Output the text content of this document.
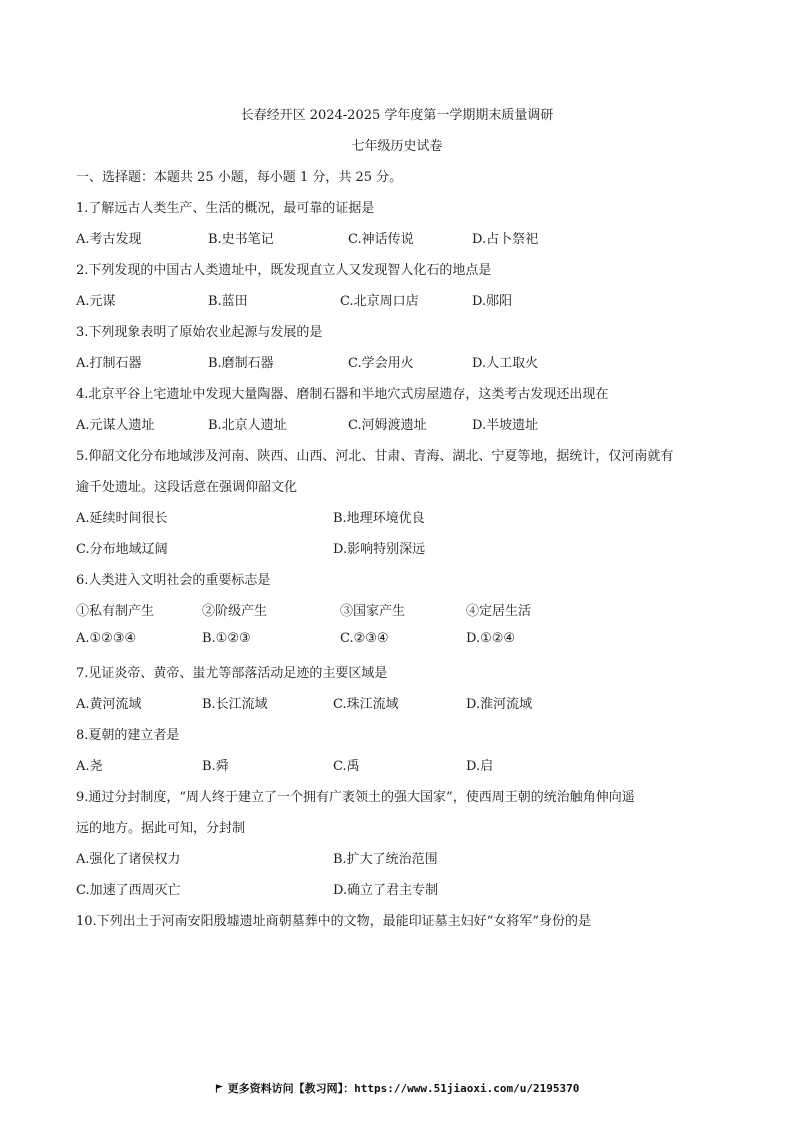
长春经开区 2024-2025 学年度第一学期期末质量调研
七年级历史试卷
一、选择题：本题共 25 小题，每小题 1 分，共 25 分。
1.了解远古人类生产、生活的概况，最可靠的证据是
A.考古发现	B.史书笔记	C.神话传说	D.占卜祭祀
2.下列发现的中国古人类遗址中，既发现直立人又发现智人化石的地点是
A.元谋	B.蓝田	C.北京周口店	D.郧阳
3.下列现象表明了原始农业起源与发展的是
A.打制石器	B.磨制石器	C.学会用火	D.人工取火
4.北京平谷上宅遗址中发现大量陶器、磨制石器和半地穴式房屋遗存，这类考古发现还出现在
A.元谋人遗址	B.北京人遗址	C.河姆渡遗址	D.半坡遗址
5.仰韶文化分布地域涉及河南、陕西、山西、河北、甘肃、青海、湖北、宁夏等地，据统计，仅河南就有
逾千处遗址。这段话意在强调仰韶文化
A.延续时间很长	B.地理环境优良
C.分布地域辽阔	D.影响特别深远
6.人类进入文明社会的重要标志是
①私有制产生	②阶级产生	③国家产生	④定居生活
A.①②③④	B.①②③	C.②③④	D.①②④
7.见证炎帝、黄帝、蚩尤等部落活动足迹的主要区域是
A.黄河流域	B.长江流域	C.珠江流域	D.淮河流域
8.夏朝的建立者是
A.尧	B.舜	C.禹	D.启
9.通过分封制度，“周人终于建立了一个拥有广袤领土的强大国家”，使西周王朝的统治触角伸向遥
远的地方。据此可知，分封制
A.强化了诸侯权力	B.扩大了统治范围
C.加速了西周灭亡	D.确立了君主专制
10.下列出土于河南安阳殷墟遗址商朝墓葬中的文物，最能印证墓主妇好“女将军”身份的是
更多资料访问【教习网】：https://www.51jiaoxi.com/u/2195370
